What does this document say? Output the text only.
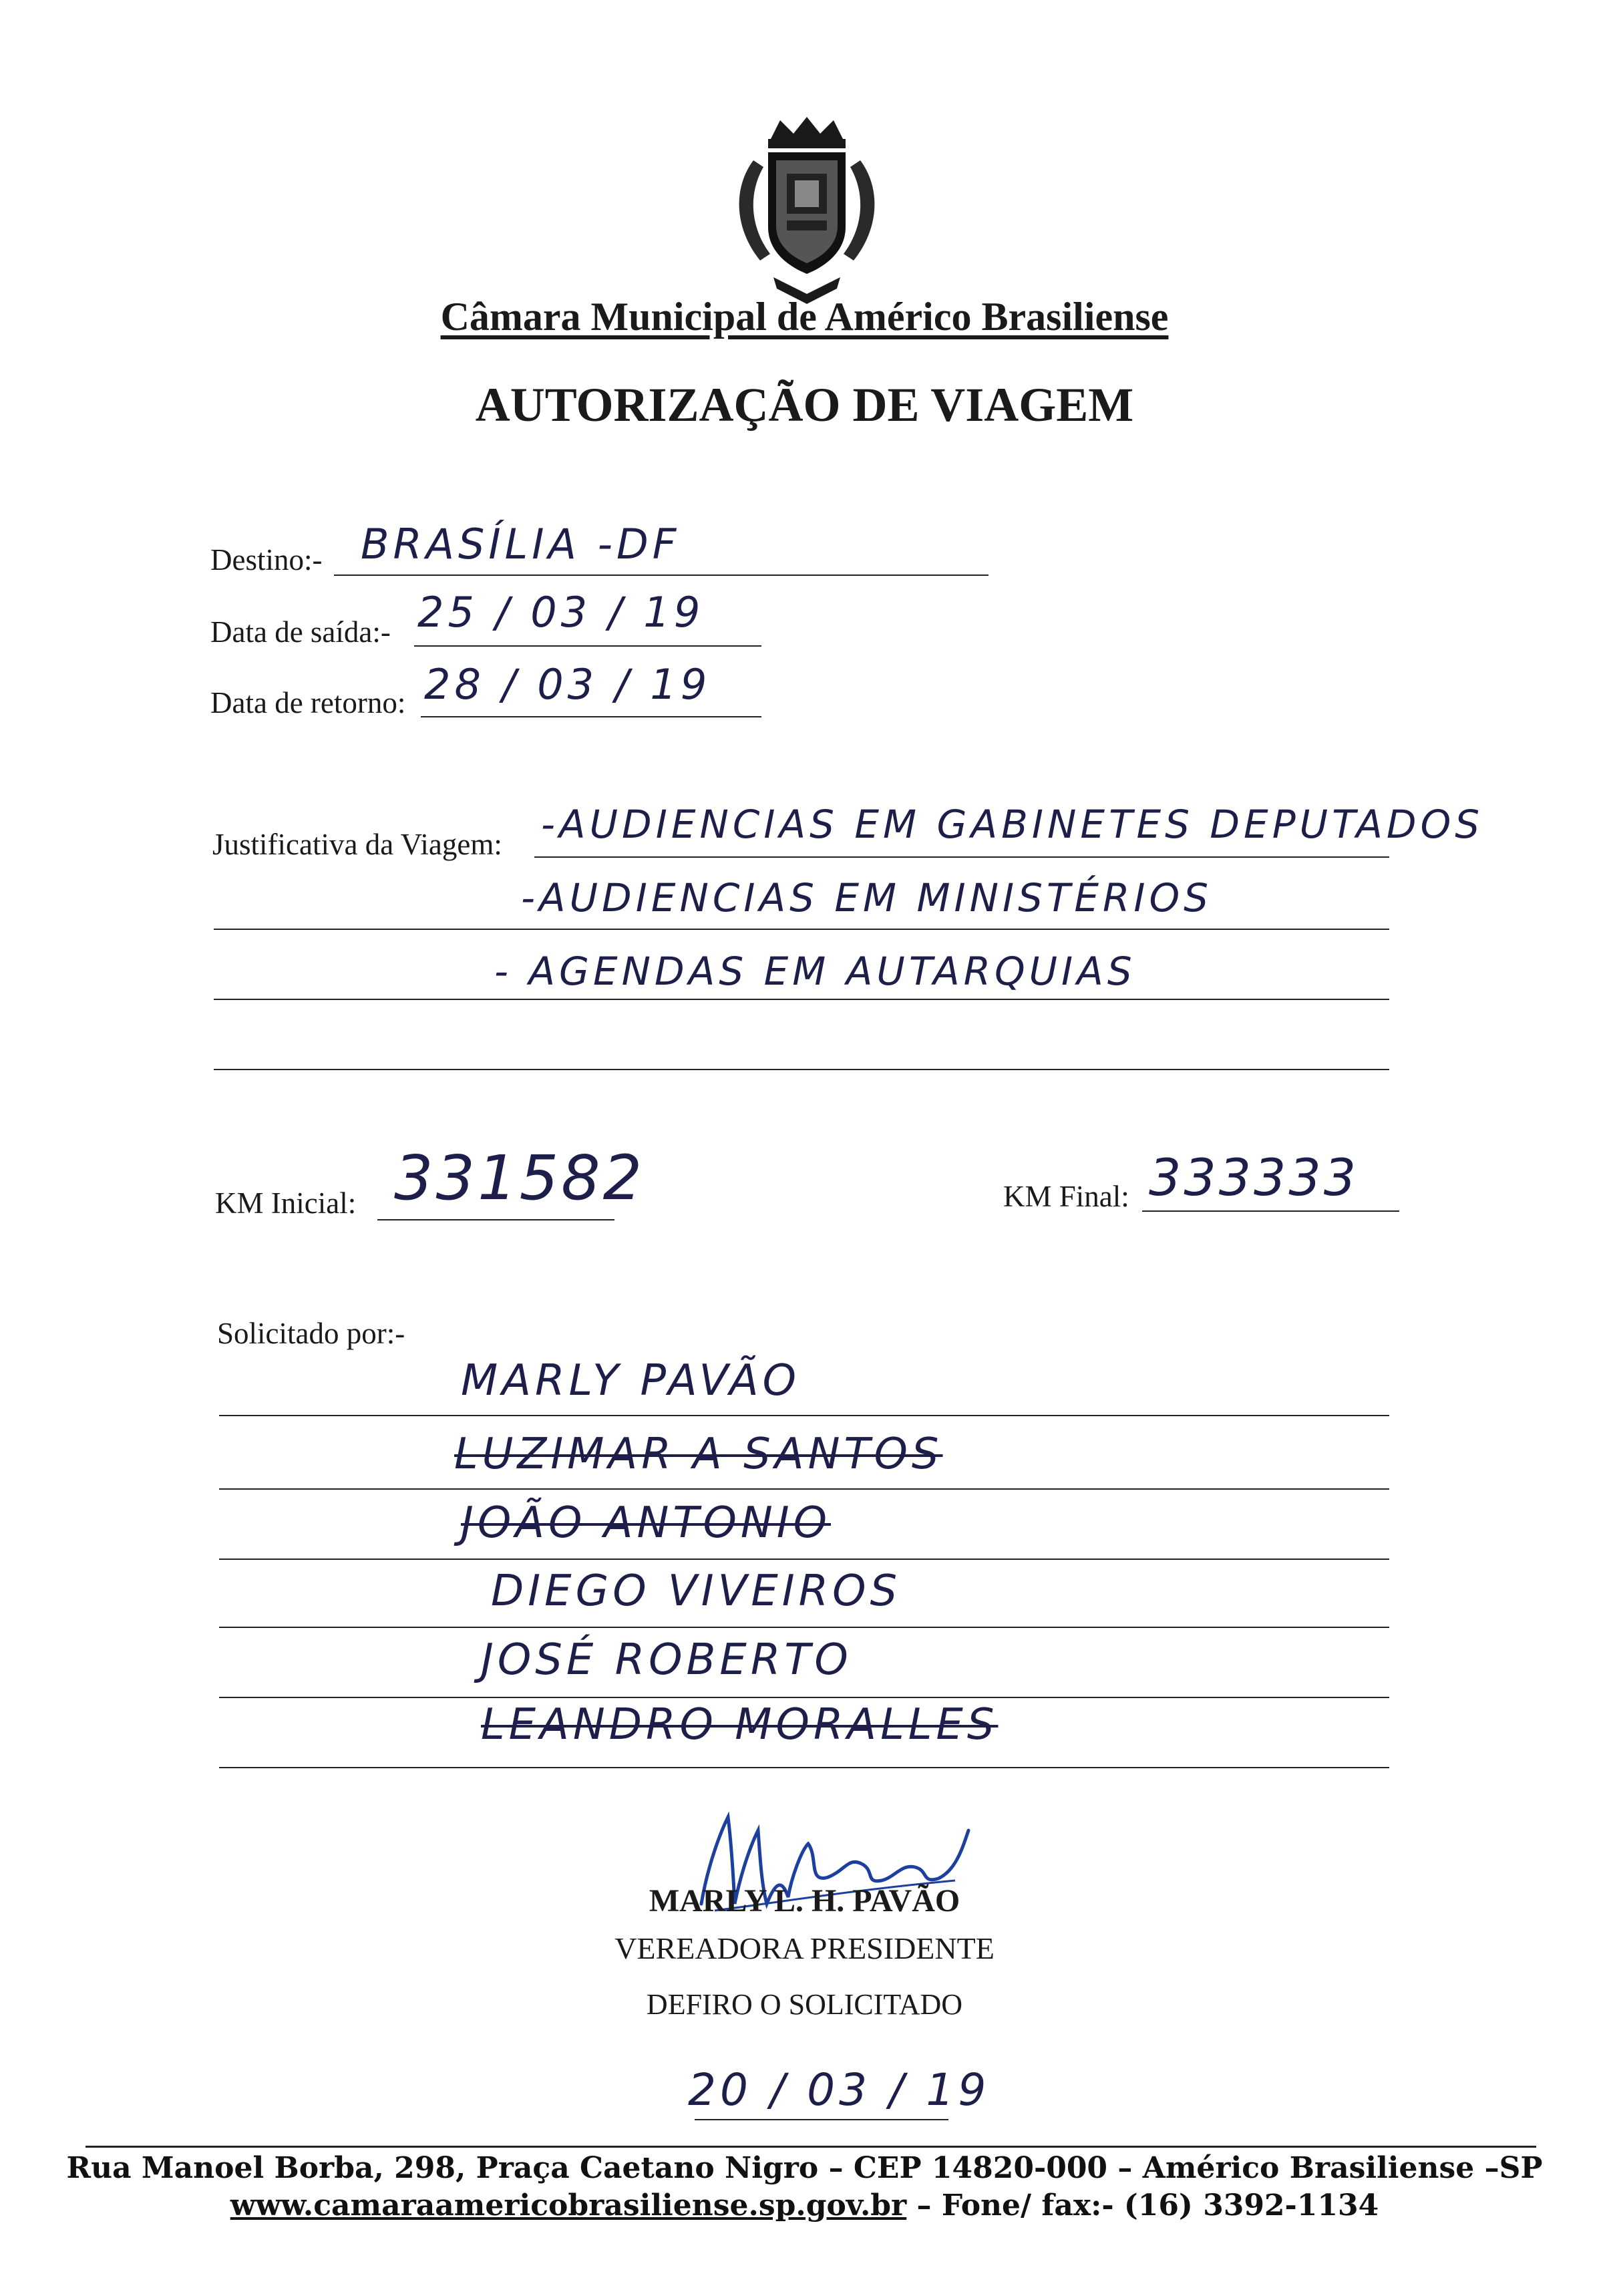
Câmara Municipal de Américo Brasiliense
AUTORIZAÇÃO DE VIAGEM
Destino:- BRASÍLIA -DF
Data de saída:- 25 / 03 / 19
Data de retorno: 28 / 03 / 19
Justificativa da Viagem: -AUDIENCIAS EM GABINETES DEPUTADOS
-AUDIENCIAS EM MINISTÉRIOS
- AGENDAS EM AUTARQUIAS
KM Inicial: 331582	KM Final: 333333
Solicitado por:-
MARLY PAVÃO
LUZIMAR A SANTOS
JOÃO ANTONIO
DIEGO VIVEIROS
JOSÉ ROBERTO
LEANDRO MORALLES
MARLY L. H. PAVÃO
VEREADORA PRESIDENTE
DEFIRO O SOLICITADO
20 / 03 / 19
Rua Manoel Borba, 298, Praça Caetano Nigro – CEP 14820-000 – Américo Brasiliense –SP
www.camaraamericobrasiliense.sp.gov.br – Fone/ fax:- (16) 3392-1134
